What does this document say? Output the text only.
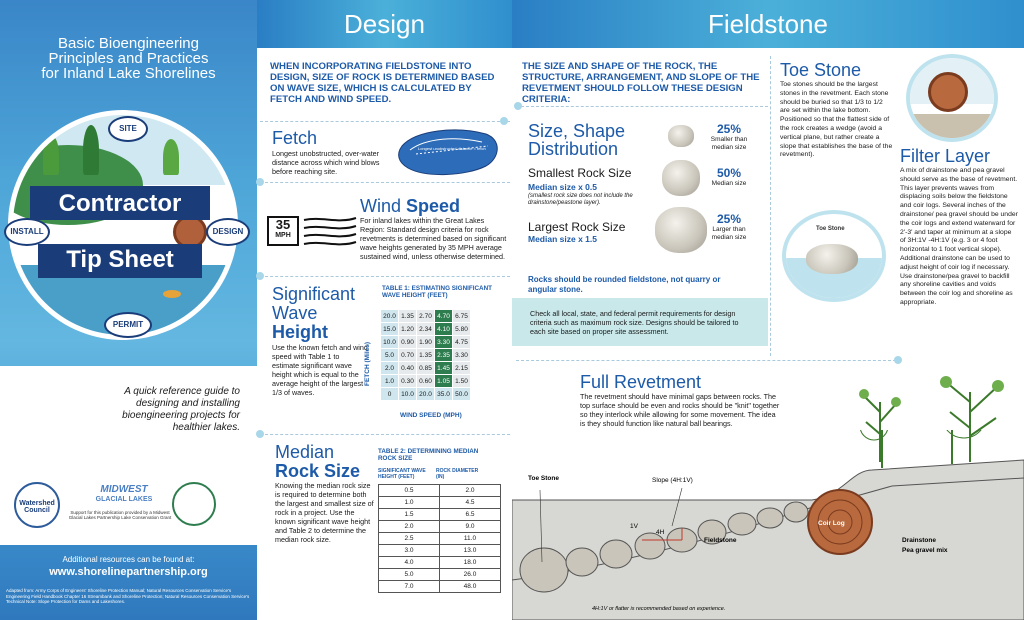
Basic Bioengineering
Principles and Practices
for Inland Lake Shorelines
Contractor
Tip Sheet
SITE
INSTALL	DESIGN
PERMIT
A quick reference guide to
designing and installing
bioengineering projects for
healthier lakes.
Watershed Council
MIDWEST
GLACIAL LAKES
Support for this publication provided by a Midwest Glacial Lakes Partnership Lake Conservation Grant
Additional resources can be found at:
www.shorelinepartnership.org
Adapted from: Army Corps of Engineers' Shoreline Protection Manual; Natural Resources Conservation Service's Engineering Field Handbook Chapter 16 Streambank and Shoreline Protection; Natural Resources Conservation Service's Technical Note: Slope Protection for Dams and Lakeshores.
Design
WHEN INCORPORATING FIELDSTONE INTO DESIGN, SIZE OF ROCK IS DETERMINED BASED ON WAVE SIZE, WHICH IS CALCULATED BY FETCH AND WIND SPEED.
Fetch
Longest unobstructed, over-water distance across which wind blows before reaching site.
Longest unobstructed distance = fetch
35
MPH
Wind Speed
For inland lakes within the Great Lakes Region: Standard design criteria for rock revetments is determined based on significant wave heights generated by 35 MPH average sustained wind, unless otherwise determined.
Significant
Wave
Height
Use the known fetch and wind speed with Table 1 to estimate significant wave height which is equal to the average height of the largest 1/3 of waves.
TABLE 1: ESTIMATING SIGNIFICANT WAVE HEIGHT (FEET)
FETCH (Miles)
20.0	1.35	2.70	4.70	6.75
15.0	1.20	2.34	4.10	5.80
10.0	0.90	1.90	3.30	4.75
5.0	0.70	1.35	2.35	3.30
2.0	0.40	0.85	1.45	2.15
1.0	0.30	0.60	1.05	1.50
0	10.0	20.0	35.0	50.0
WIND SPEED (MPH)
Median
Rock Size
Knowing the median rock size is required to determine both the largest and smallest size of rock in a project. Use the known significant wave height and Table 2 to determine the median rock size.
TABLE 2: DETERMINING MEDIAN ROCK SIZE
SIGNIFICANT WAVE HEIGHT (FEET)
ROCK DIAMETER (IN)
0.5	2.0
1.0	4.5
1.5	6.5
2.0	9.0
2.5	11.0
3.0	13.0
4.0	18.0
5.0	26.0
7.0	48.0
Fieldstone
THE SIZE AND SHAPE OF THE ROCK, THE STRUCTURE, ARRANGEMENT, AND SLOPE OF THE REVETMENT SHOULD FOLLOW THESE DESIGN CRITERIA:
Size, Shape Distribution
Smallest Rock Size
Median size x 0.5
(smallest rock size does not include the drainstone/peastone layer).
Largest Rock Size
Median size x 1.5
25%
Smaller than median size
50%
Median size
25%
Larger than median size
Rocks should be rounded fieldstone, not quarry or angular stone.
Check all local, state, and federal permit requirements for design criteria such as maximum rock size. Designs should be tailored to each site based on proper site assessment.
Toe Stone
Toe stones should be the largest stones in the revetment. Each stone should be buried so that 1/3 to 1/2 are set within the lake bottom. Positioned so that the flattest side of the rock creates a wedge (avoid a vertical plane, but rather create a slope that establishes the base of the revetment).
Toe Stone
Filter Layer
A mix of drainstone and pea gravel should serve as the base of revetment. This layer prevents waves from displacing soils below the fieldstone and coir logs. Several inches of the drainstone/ pea gravel should be under the coir logs and extend waterward for 2'-3' and taper at minimum at a slope of 3H:1V -4H:1V (e.g. 3 or 4 foot horizontal to 1 foot vertical slope). Additional drainstone can be used to adjust height of coir log if necessary. Use drainstone/pea gravel to backfill any shoreline cavities and voids between the coir log and shoreline as appropriate.
Full Revetment
The revetment should have minimal gaps between rocks. The top surface should be even and rocks should be "knit" together so they interlock while allowing for some movement. The idea is they should function like natural ball bearings.
Toe Stone	Slope (4H:1V)
4H
1V
Fieldstone
Coir Log
Drainstone
Pea gravel mix
4H:1V or flatter is recommended based on experience.
